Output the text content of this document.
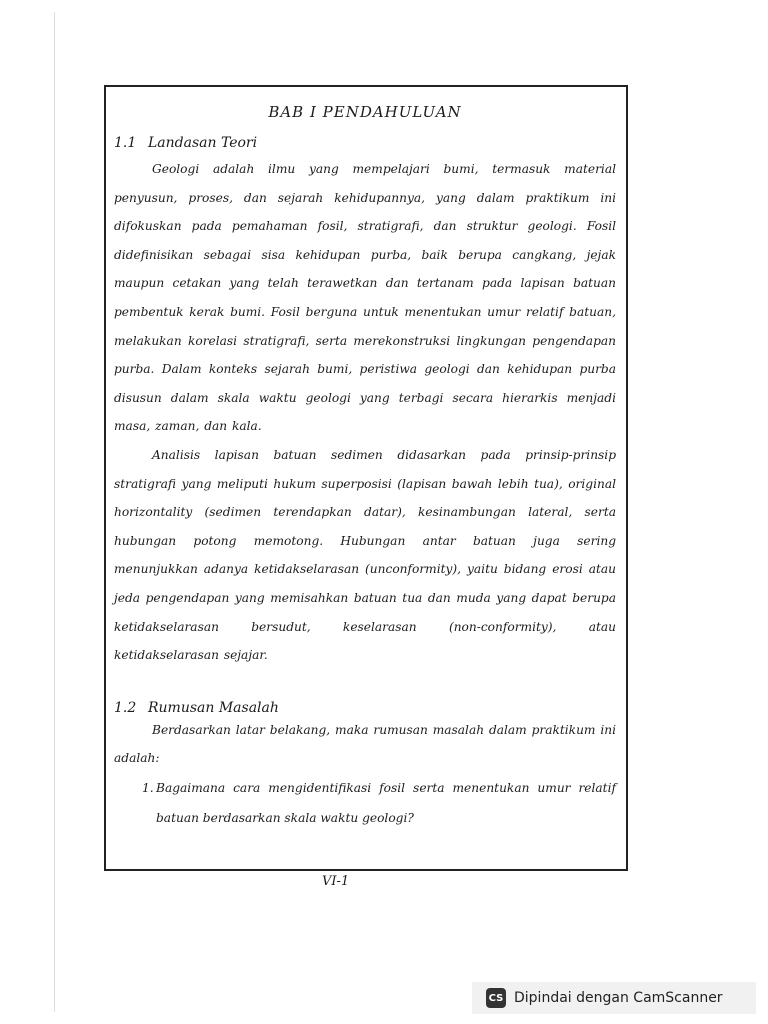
BAB I PENDAHULUAN
1.1 Landasan Teori

Geologi adalah ilmu yang mempelajari bumi, termasuk material penyusun, proses, dan sejarah kehidupannya, yang dalam praktikum ini difokuskan pada pemahaman fosil, stratigrafi, dan struktur geologi. Fosil didefinisikan sebagai sisa kehidupan purba, baik berupa cangkang, jejak maupun cetakan yang telah terawetkan dan tertanam pada lapisan batuan pembentuk kerak bumi. Fosil berguna untuk menentukan umur relatif batuan, melakukan korelasi stratigrafi, serta merekonstruksi lingkungan pengendapan purba. Dalam konteks sejarah bumi, peristiwa geologi dan kehidupan purba disusun dalam skala waktu geologi yang terbagi secara hierarkis menjadi masa, zaman, dan kala.

Analisis lapisan batuan sedimen didasarkan pada prinsip-prinsip stratigrafi yang meliputi hukum superposisi (lapisan bawah lebih tua), original horizontality (sedimen terendapkan datar), kesinambungan lateral, serta hubungan potong memotong. Hubungan antar batuan juga sering menunjukkan adanya ketidakselarasan (unconformity), yaitu bidang erosi atau jeda pengendapan yang memisahkan batuan tua dan muda yang dapat berupa ketidakselarasan bersudut, keselarasan (non-conformity), atau ketidakselarasan sejajar.

1.2 Rumusan Masalah

Berdasarkan latar belakang, maka rumusan masalah dalam praktikum ini adalah:

1. Bagaimana cara mengidentifikasi fosil serta menentukan umur relatif batuan berdasarkan skala waktu geologi?
VI-1
CS Dipindai dengan CamScanner
